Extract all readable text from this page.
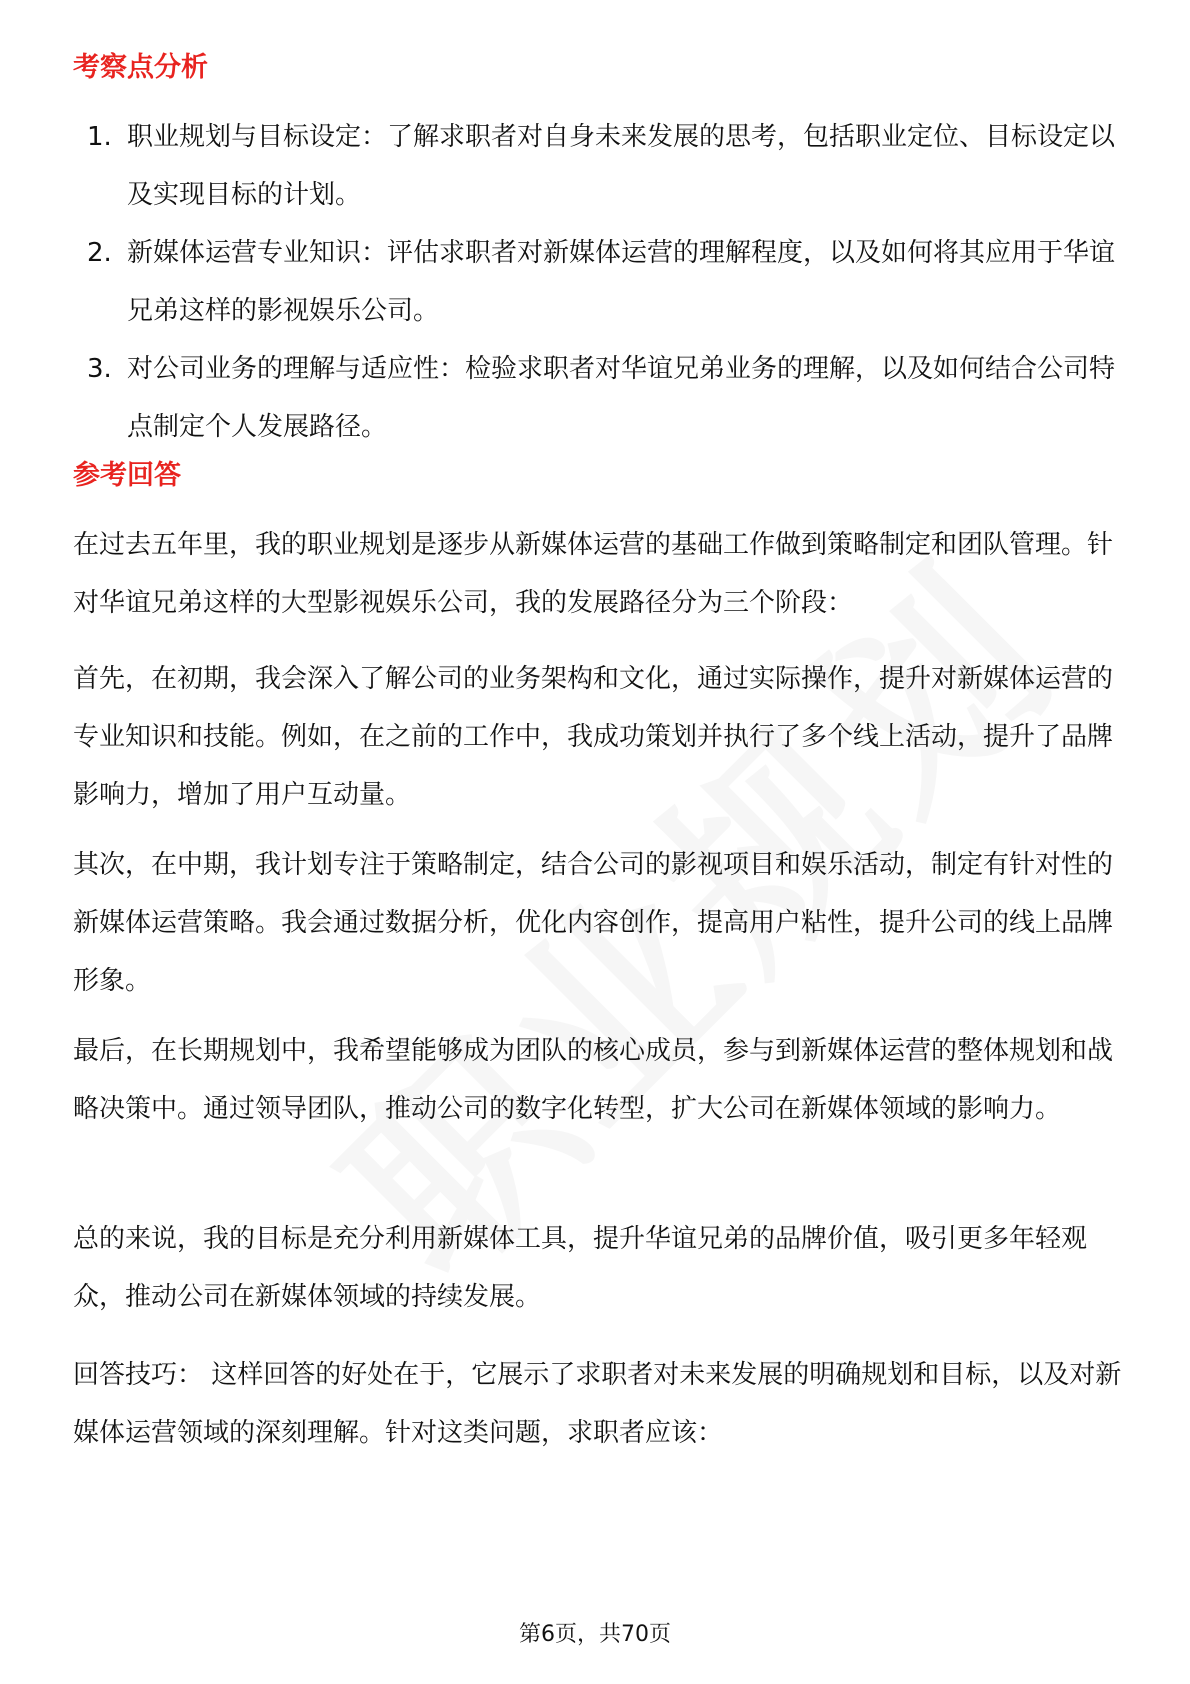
考察点分析
1. 职业规划与目标设定：了解求职者对自身未来发展的思考，包括职业定位、目标设定以及实现目标的计划。
2. 新媒体运营专业知识：评估求职者对新媒体运营的理解程度，以及如何将其应用于华谊兄弟这样的影视娱乐公司。
3. 对公司业务的理解与适应性：检验求职者对华谊兄弟业务的理解，以及如何结合公司特点制定个人发展路径。
参考回答

在过去五年里，我的职业规划是逐步从新媒体运营的基础工作做到策略制定和团队管理。针对华谊兄弟这样的大型影视娱乐公司，我的发展路径分为三个阶段：

首先，在初期，我会深入了解公司的业务架构和文化，通过实际操作，提升对新媒体运营的专业知识和技能。例如，在之前的工作中，我成功策划并执行了多个线上活动，提升了品牌影响力，增加了用户互动量。

其次，在中期，我计划专注于策略制定，结合公司的影视项目和娱乐活动，制定有针对性的新媒体运营策略。我会通过数据分析，优化内容创作，提高用户粘性，提升公司的线上品牌形象。

最后，在长期规划中，我希望能够成为团队的核心成员，参与到新媒体运营的整体规划和战略决策中。通过领导团队，推动公司的数字化转型，扩大公司在新媒体领域的影响力。

总的来说，我的目标是充分利用新媒体工具，提升华谊兄弟的品牌价值，吸引更多年轻观众，推动公司在新媒体领域的持续发展。

回答技巧： 这样回答的好处在于，它展示了求职者对未来发展的明确规划和目标，以及对新媒体运营领域的深刻理解。针对这类问题，求职者应该：

第6页，共70页
